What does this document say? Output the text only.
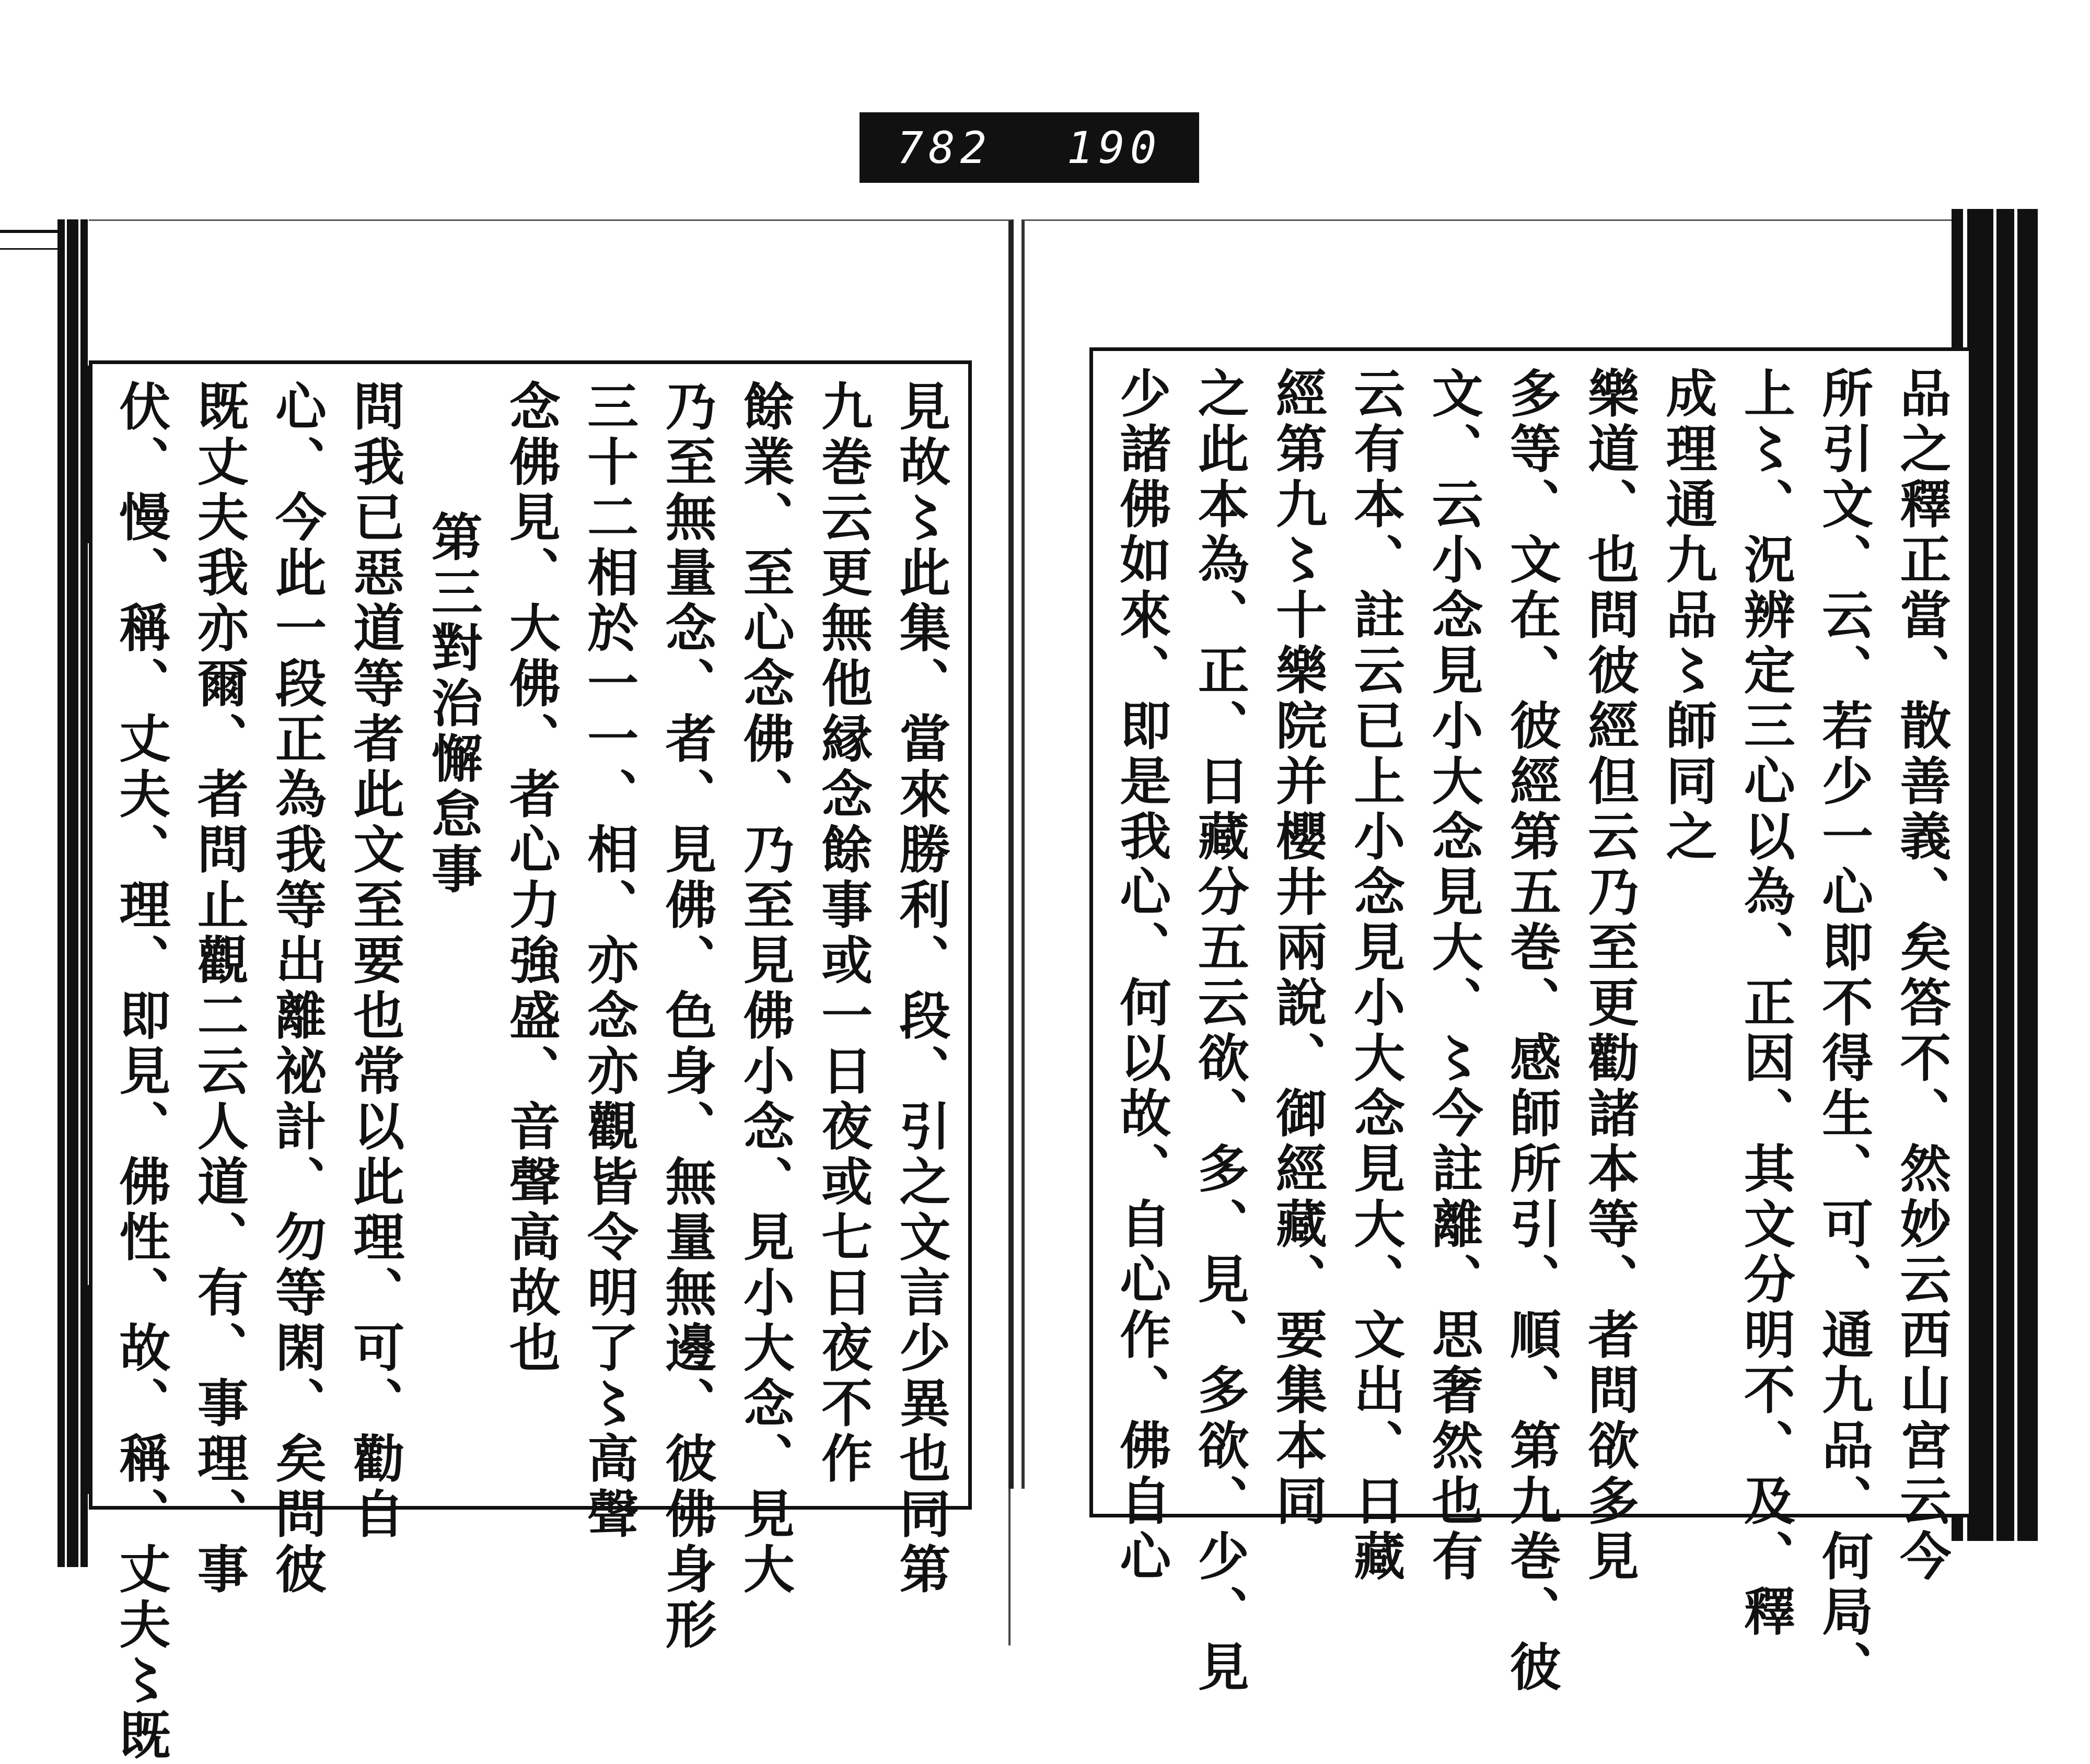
782 190
見故〻此集、當來勝利、段、引之文言少異也同第
九巻云更無他縁念餘事或一日夜或七日夜不作
餘業、至心念佛、乃至見佛小念、見小大念、見大
乃至無量念、者、見佛、色身、無量無邊、彼佛身形
三十二相於一一、相、亦念亦觀皆令明了〻高聲
念佛見、大佛、者心力強盛、音聲高故也
第三對治懈怠事
問我已惡道等者此文至要也常以此理、可、勸自
心、今此一段正為我等出離祕計、勿等閑、矣問彼
既丈夫我亦爾、者問止觀二云人道、有、事理、事
伏、慢、稱、丈夫、理、即見、佛性、故、稱、丈夫〻既	品之釋正當、散善義、矣答不、然妙云西山宮云今
所引文、云、若少一心即不得生、可、通九品、何局、
上〻、況辨定三心以為、正因、其文分明不、及、釋
成理通九品〻師同之
樂道、也問彼經但云乃至更勸諸本等、者問欲多見
多等、文在、彼經第五巻、感師所引、順、第九巻、彼
文、云小念見小大念見大、〻今註離、思奢然也有
云有本、註云已上小念見小大念見大、文出、日藏
經第九〻十樂院并櫻井兩說、御經藏、要集本同
之此本為、正、日藏分五云欲、多、見、多欲、少、見
少諸佛如來、即是我心、何以故、自心作、佛自心
